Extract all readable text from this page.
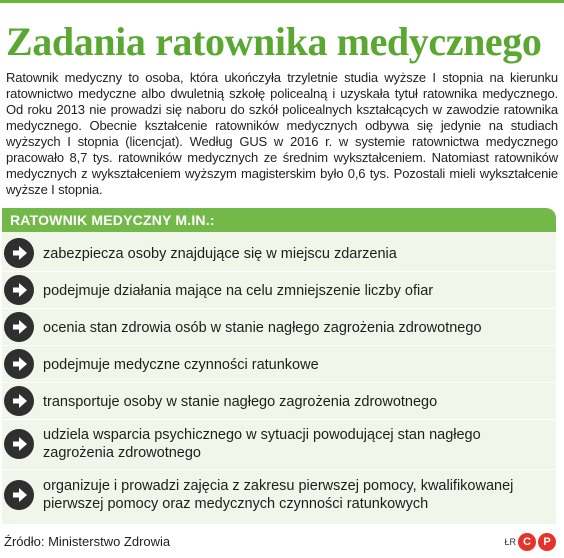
Zadania ratownika medycznego

Ratownik medyczny to osoba, która ukończyła trzyletnie studia wyższe I stopnia na kierunku ratownictwo medyczne albo dwuletnią szkołę policealną i uzyskała tytuł ratownika medycznego. Od roku 2013 nie prowadzi się naboru do szkół policealnych kształcących w zawodzie ratownika medycznego. Obecnie kształcenie ratowników medycznych odbywa się jedynie na studiach wyższych I stopnia (licencjat). Według GUS w 2016 r. w systemie ratownictwa medycznego pracowało 8,7 tys. ratowników medycznych ze średnim wykształceniem. Natomiast ratowników medycznych z wykształceniem wyższym magisterskim było 0,6 tys. Pozostali mieli wykształcenie wyższe I stopnia.

RATOWNIK MEDYCZNY M.IN.:
zabezpiecza osoby znajdujące się w miejscu zdarzenia
podejmuje działania mające na celu zmniejszenie liczby ofiar
ocenia stan zdrowia osób w stanie nagłego zagrożenia zdrowotnego
podejmuje medyczne czynności ratunkowe
transportuje osoby w stanie nagłego zagrożenia zdrowotnego
udziela wsparcia psychicznego w sytuacji powodującej stan nagłego zagrożenia zdrowotnego
organizuje i prowadzi zajęcia z zakresu pierwszej pomocy, kwalifikowanej pierwszej pomocy oraz medycznych czynności ratunkowych
Źródło: Ministerstwo Zdrowia	ŁR C	P
